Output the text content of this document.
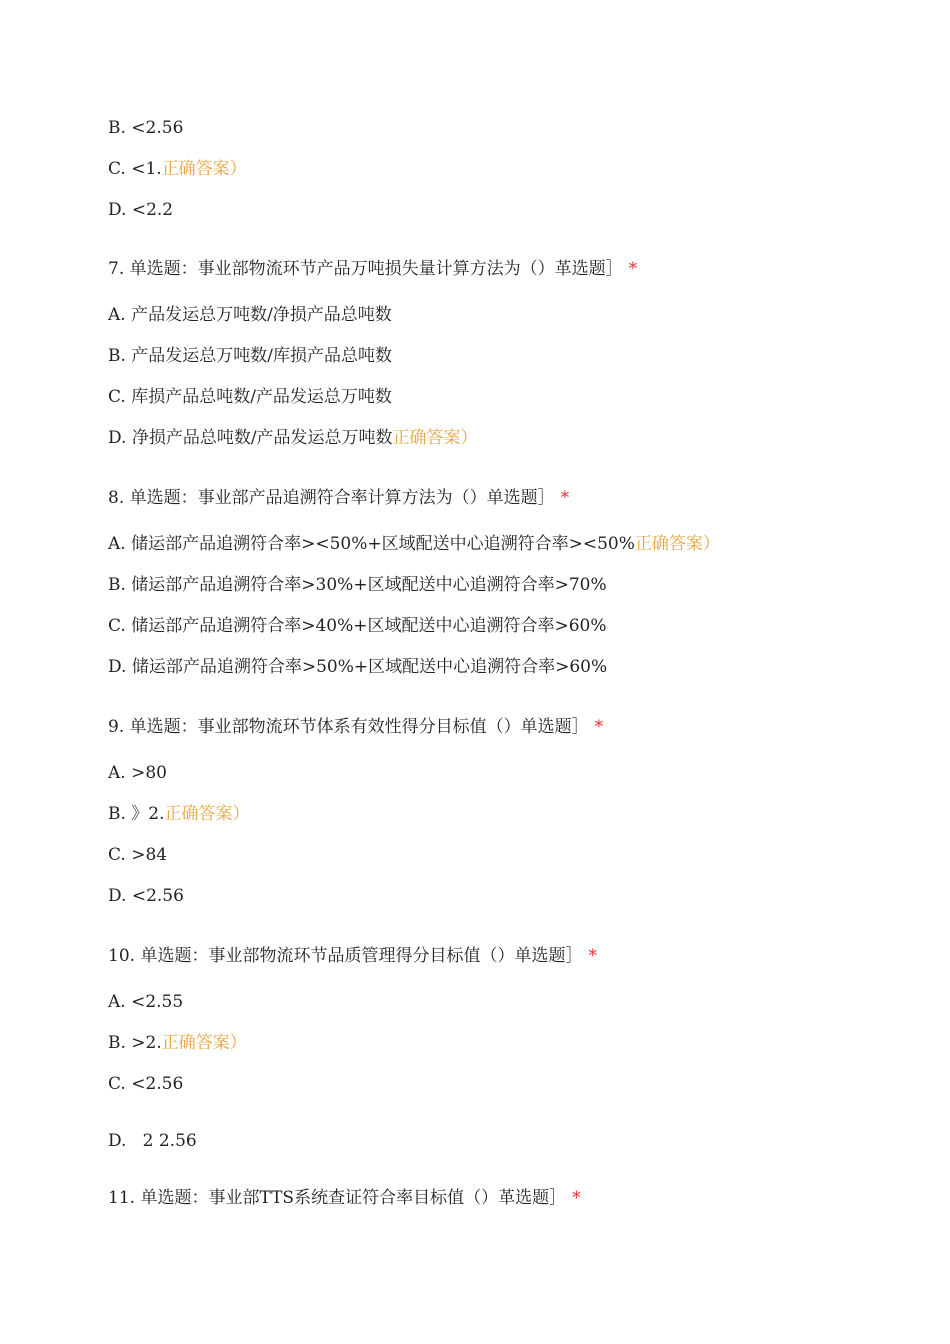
B. <2.56
C. <1.正确答案）
D. <2.2
7. 单选题：事业部物流环节产品万吨损失量计算方法为（）革选题］ *
A. 产品发运总万吨数/净损产品总吨数
B. 产品发运总万吨数/库损产品总吨数
C. 库损产品总吨数/产品发运总万吨数
D. 净损产品总吨数/产品发运总万吨数正确答案）
8. 单选题：事业部产品追溯符合率计算方法为（）单选题］ *
A. 储运部产品追溯符合率><50%+区域配送中心追溯符合率><50%正确答案）
B. 储运部产品追溯符合率>30%+区域配送中心追溯符合率>70%
C. 储运部产品追溯符合率>40%+区域配送中心追溯符合率>60%
D. 储运部产品追溯符合率>50%+区域配送中心追溯符合率>60%
9. 单选题：事业部物流环节体系有效性得分目标值（）单选题］ *
A. >80
B. 》2.正确答案）
C. >84
D. <2.56
10. 单选题：事业部物流环节品质管理得分目标值（）单选题］ *
A. <2.55
B. >2.正确答案）
C. <2.56
D.   2 2.56
11. 单选题：事业部TTS系统查证符合率目标值（）革选题］ *
